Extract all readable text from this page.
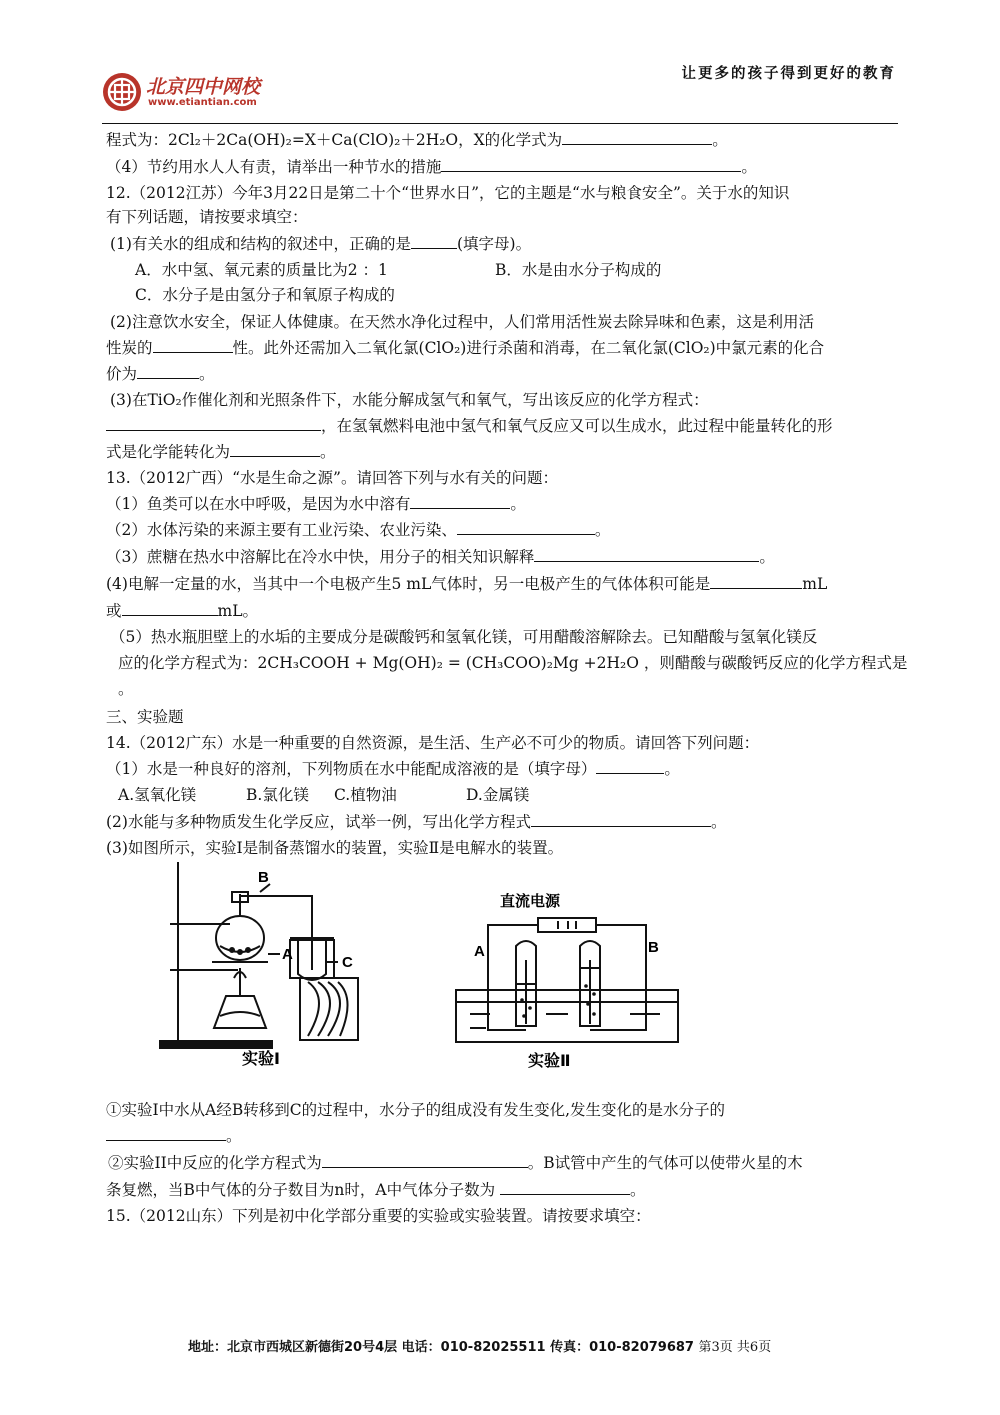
让更多的孩子得到更好的教育
北京四中网校
www.etiantian.com
程式为：2Cl₂＋2Ca(OH)₂=X＋Ca(ClO)₂＋2H₂O，X的化学式为	。
（4）节约用水人人有责，请举出一种节水的措施	。
12.（2012江苏）今年3月22日是第二十个“世界水日”，它的主题是“水与粮食安全”。关于水的知识
有下列话题，请按要求填空：
(1)有关水的组成和结构的叙述中，正确的是	(填字母)。
A．水中氢、氧元素的质量比为2 ：1	B．水是由水分子构成的
C．水分子是由氢分子和氧原子构成的
(2)注意饮水安全，保证人体健康。在天然水净化过程中，人们常用活性炭去除异味和色素，这是利用活
性炭的	性。此外还需加入二氧化氯(ClO₂)进行杀菌和消毒，在二氧化氯(ClO₂)中氯元素的化合
价为	。
(3)在TiO₂作催化剂和光照条件下，水能分解成氢气和氧气，写出该反应的化学方程式：
，在氢氧燃料电池中氢气和氧气反应又可以生成水，此过程中能量转化的形
式是化学能转化为	。
13.（2012广西）“水是生命之源”。请回答下列与水有关的问题：
（1）鱼类可以在水中呼吸，是因为水中溶有	。
（2）水体污染的来源主要有工业污染、农业污染、	。
（3）蔗糖在热水中溶解比在冷水中快，用分子的相关知识解释	。
(4)电解一定量的水，当其中一个电极产生5 mL气体时，另一电极产生的气体体积可能是	mL
或	mL。
（5）热水瓶胆壁上的水垢的主要成分是碳酸钙和氢氧化镁，可用醋酸溶解除去。已知醋酸与氢氧化镁反
应的化学方程式为：2CH₃COOH + Mg(OH)₂ = (CH₃COO)₂Mg +2H₂O ，则醋酸与碳酸钙反应的化学方程式是
。
三、实验题
14.（2012广东）水是一种重要的自然资源，是生活、生产必不可少的物质。请回答下列问题：
（1）水是一种良好的溶剂，下列物质在水中能配成溶液的是（填字母）	。
A.氢氧化镁	B.氯化镁 C.植物油	D.金属镁
(2)水能与多种物质发生化学反应，试举一例，写出化学方程式	。
(3)如图所示，实验Ⅰ是制备蒸馏水的装置，实验Ⅱ是电解水的装置。
B
A	C
实验Ⅰ
直流电源
A	B
实验Ⅱ
①实验Ⅰ中水从A经B转移到C的过程中，水分子的组成没有发生变化,发生变化的是水分子的
。
②实验II中反应的化学方程式为	。B试管中产生的气体可以使带火星的木
条复燃，当B中气体的分子数目为n时，A中气体分子数为	。
15.（2012山东）下列是初中化学部分重要的实验或实验装置。请按要求填空：
地址：北京市西城区新德街20号4层 电话：010-82025511 传真：010-82079687 第3页 共6页
